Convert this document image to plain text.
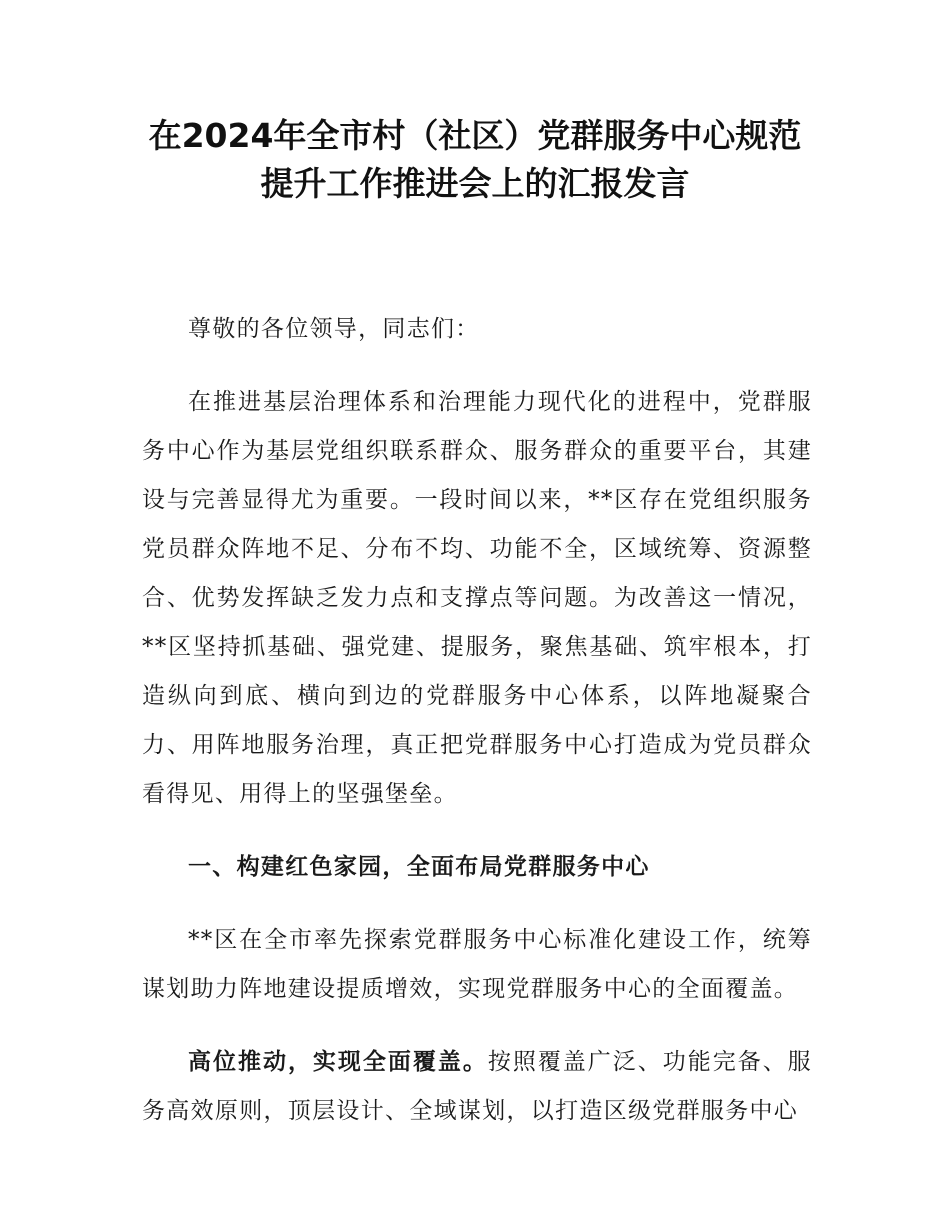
在2024年全市村（社区）党群服务中心规范
提升工作推进会上的汇报发言

尊敬的各位领导，同志们：

在推进基层治理体系和治理能力现代化的进程中，党群服务中心作为基层党组织联系群众、服务群众的重要平台，其建设与完善显得尤为重要。一段时间以来，**区存在党组织服务党员群众阵地不足、分布不均、功能不全，区域统筹、资源整合、优势发挥缺乏发力点和支撑点等问题。为改善这一情况，**区坚持抓基础、强党建、提服务，聚焦基础、筑牢根本，打造纵向到底、横向到边的党群服务中心体系，以阵地凝聚合力、用阵地服务治理，真正把党群服务中心打造成为党员群众看得见、用得上的坚强堡垒。

一、构建红色家园，全面布局党群服务中心

**区在全市率先探索党群服务中心标准化建设工作，统筹谋划助力阵地建设提质增效，实现党群服务中心的全面覆盖。

高位推动，实现全面覆盖。按照覆盖广泛、功能完备、服务高效原则，顶层设计、全域谋划，以打造区级党群服务中心
